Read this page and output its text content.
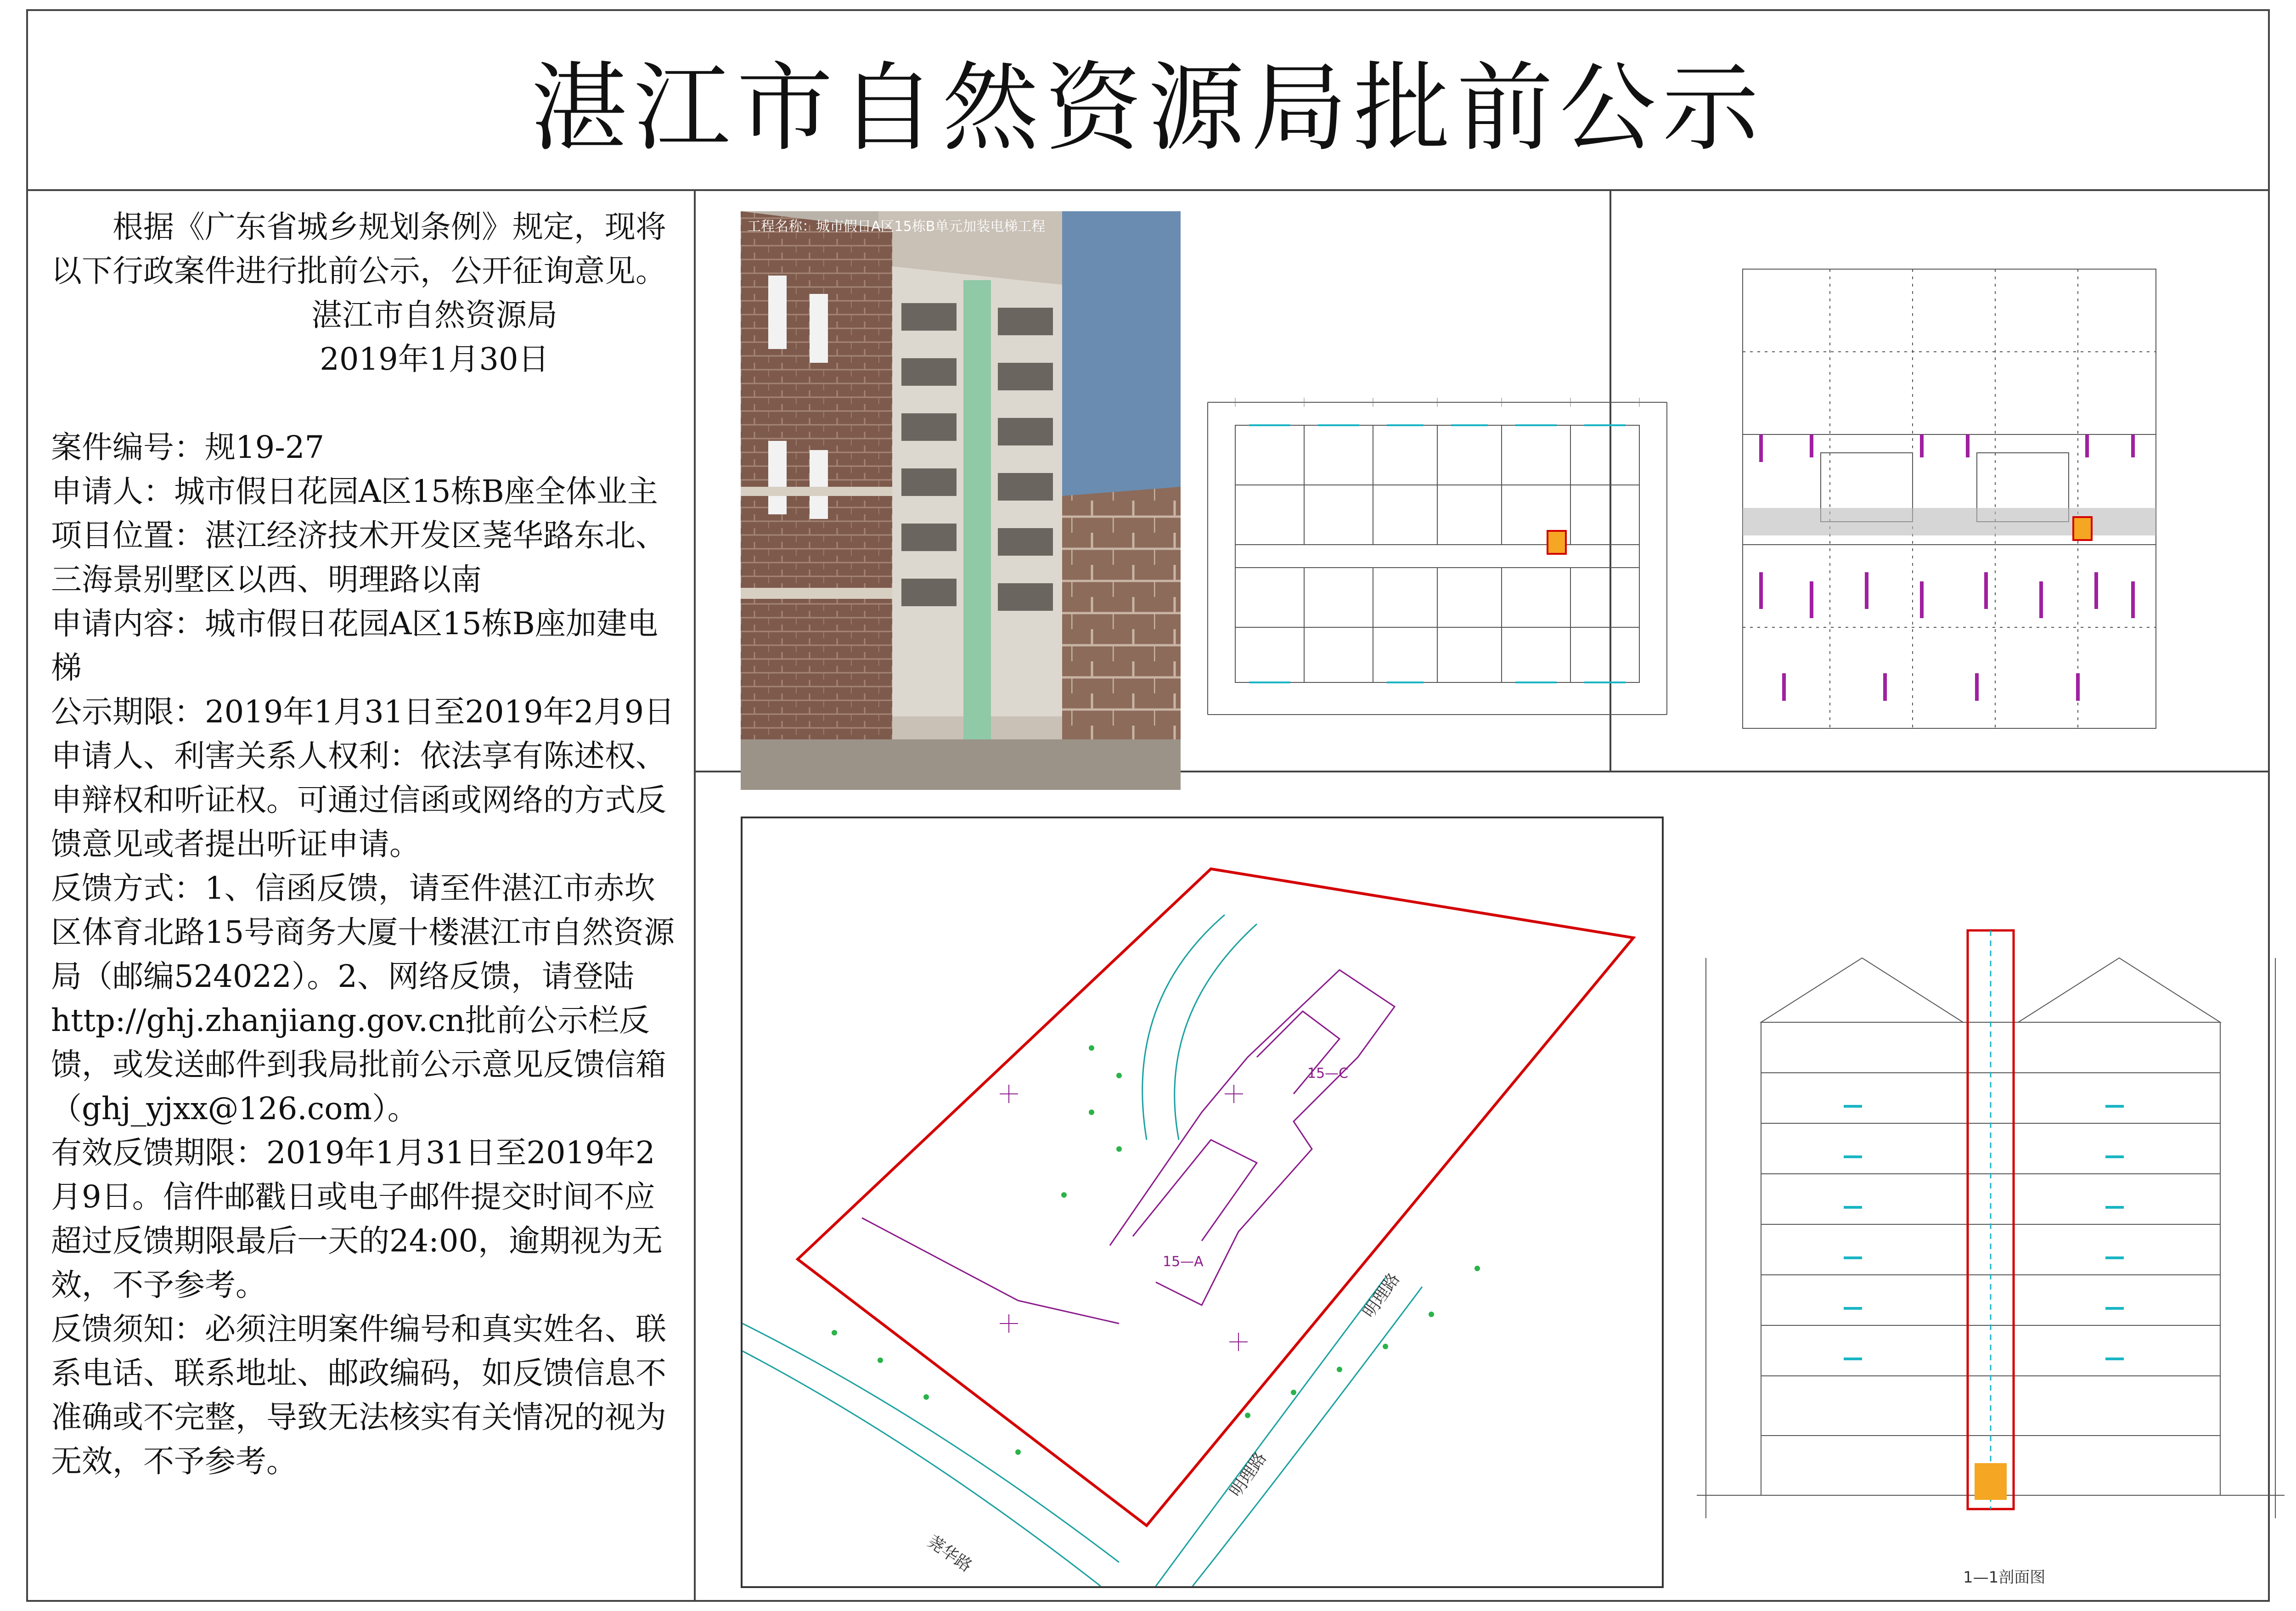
湛江市自然资源局批前公示

根据《广东省城乡规划条例》规定，现将以下行政案件进行批前公示，公开征询意见。

湛江市自然资源局

2019年1月30日

案件编号：规19-27

申请人：城市假日花园A区15栋B座全体业主

项目位置：湛江经济技术开发区荛华路东北、三海景别墅区以西、明理路以南

申请内容：城市假日花园A区15栋B座加建电梯

公示期限：2019年1月31日至2019年2月9日

申请人、利害关系人权利：依法享有陈述权、申辩权和听证权。可通过信函或网络的方式反馈意见或者提出听证申请。

反馈方式：1、信函反馈，请至件湛江市赤坎区体育北路15号商务大厦十楼湛江市自然资源局（邮编524022）。2、网络反馈，请登陆http://ghj.zhanjiang.gov.cn批前公示栏反馈，或发送邮件到我局批前公示意见反馈信箱（ghj_yjxx@126.com）。

有效反馈期限：2019年1月31日至2019年2月9日。信件邮戳日或电子邮件提交时间不应超过反馈期限最后一天的24:00，逾期视为无效，不予参考。

反馈须知：必须注明案件编号和真实姓名、联系电话、联系地址、邮政编码，如反馈信息不准确或不完整，导致无法核实有关情况的视为无效，不予参考。

工程名称：城市假日A区15栋B单元加装电梯工程
15—C
15—A
明理路
明理路
荛华路
1—1剖面图
